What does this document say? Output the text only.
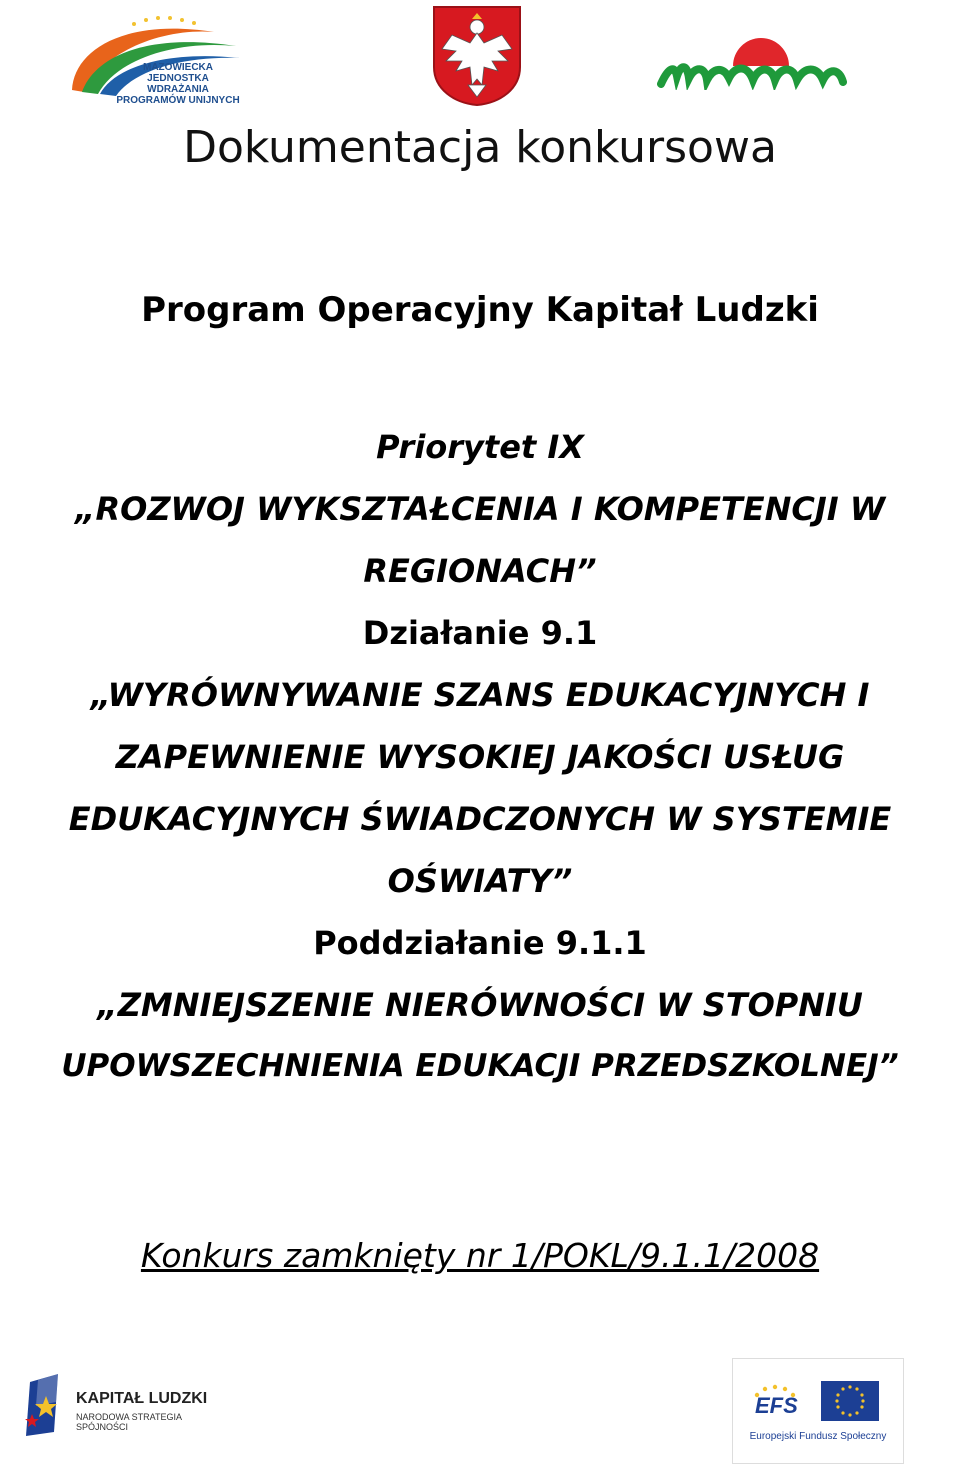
MAZOWIECKA JEDNOSTKA
WDRAŻANIA
PROGRAMÓW UNIJNYCH
Dokumentacja konkursowa
Program Operacyjny Kapitał Ludzki
Priorytet IX
„ROZWOJ WYKSZTAŁCENIA I KOMPETENCJI W
REGIONACH”
Działanie 9.1
„WYRÓWNYWANIE SZANS EDUKACYJNYCH I
ZAPEWNIENIE WYSOKIEJ JAKOŚCI USŁUG
EDUKACYJNYCH ŚWIADCZONYCH W SYSTEMIE
OŚWIATY”
Poddziałanie 9.1.1
„ZMNIEJSZENIE NIERÓWNOŚCI W STOPNIU
UPOWSZECHNIENIA EDUKACJI PRZEDSZKOLNEJ”
Konkurs zamknięty nr 1/POKL/9.1.1/2008
KAPITAŁ LUDZKI
NARODOWA STRATEGIA SPÓJNOŚCI
EFS
Europejski Fundusz Społeczny
